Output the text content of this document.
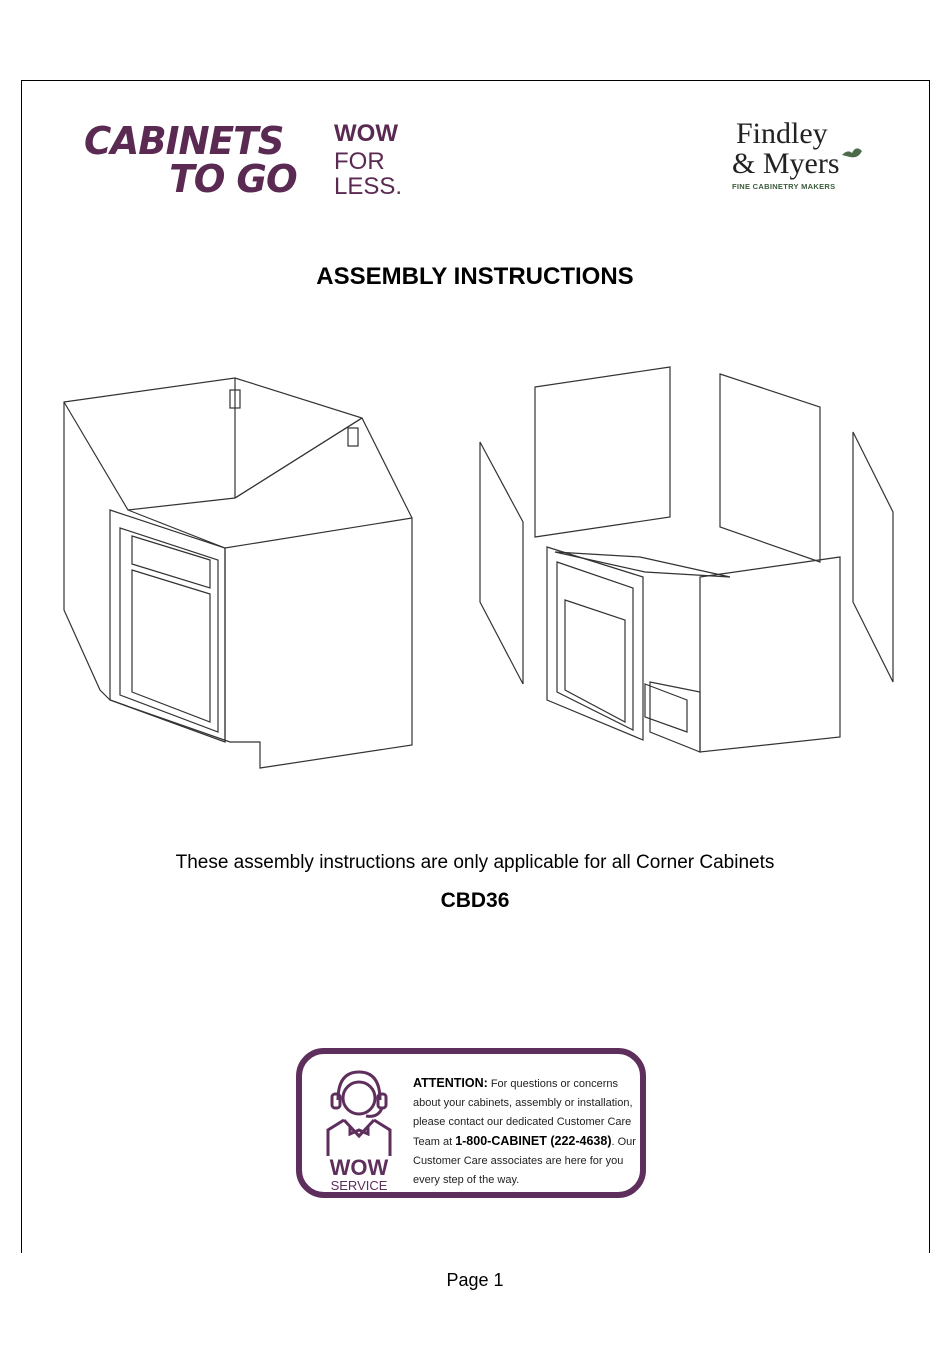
CABINETS
TO GO
WOW
FOR
LESS.
Findley
& Myers
FINE CABINETRY MAKERS
ASSEMBLY INSTRUCTIONS
These assembly instructions are only applicable for all Corner Cabinets
CBD36
WOW
SERVICE
ATTENTION: For questions or concerns about your cabinets, assembly or installation, please contact our dedicated Customer Care Team at 1-800-CABINET (222-4638). Our Customer Care associates are here for you every step of the way.
Page 1
